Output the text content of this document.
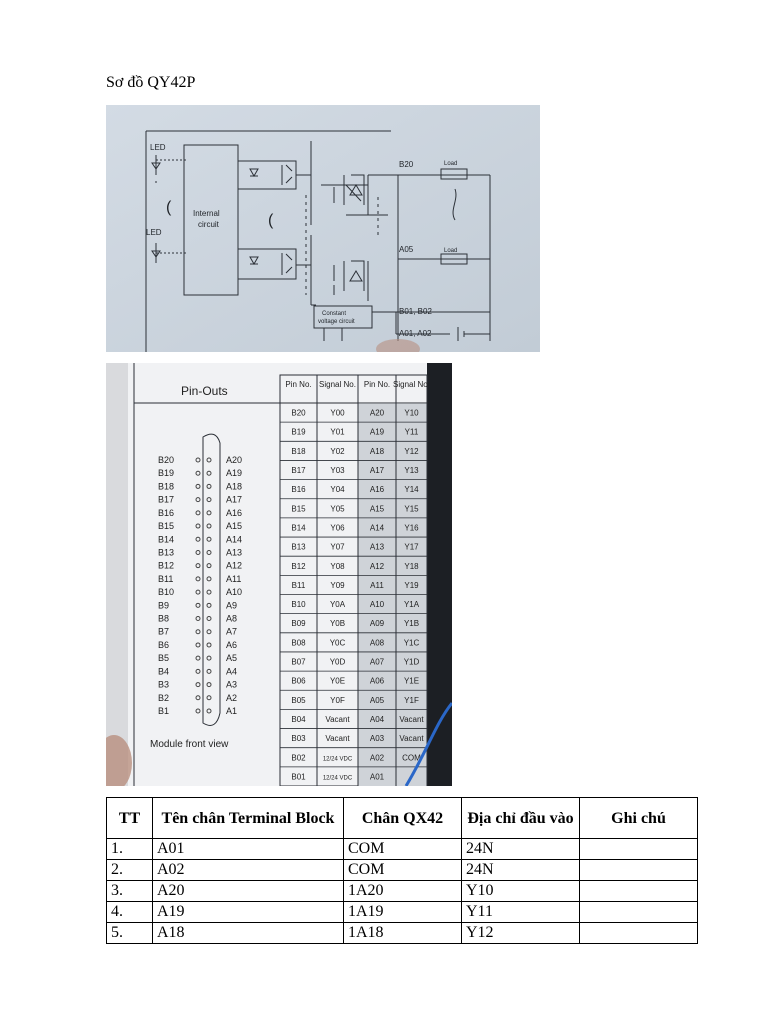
Sơ đồ QY42P
LED
LED
Internal
circuit
(
(
B20
A05
Load
Load
B01, B02
A01, A02
Constant
voltage circuit
Pin No. Signal No. Pin No. Signal No.
B20	Y00	A20	Y10
B19	Y01	A19	Y11
B18	Y02	A18	Y12
B17	Y03	A17	Y13
B16	Y04	A16	Y14
B15	Y05	A15	Y15
B14	Y06	A14	Y16
B13	Y07	A13	Y17
B12	Y08	A12	Y18
B11	Y09	A11	Y19
B10	Y0A	A10 Y1A
B09	Y0B	A09 Y1B
B08	Y0C	A08 Y1C
B07	Y0D	A07 Y1D
B06	Y0E	A06 Y1E
B05	Y0F	A05	Y1F
B04 Vacant	A04 Vacant
B03 Vacant	A03 Vacant
B02	12/24 VDC A02 COM
B01	12/24 VDC A01
Pin-Outs
B20	A20
B19	A19
B18	A18
B17	A17
B16	A16
B15	A15
B14	A14
B13	A13
B12	A12
B11	A11
B10	A10
B9	A9
B8	A8
B7	A7
B6	A6
B5	A5
B4	A4
B3	A3
B2	A2
B1	A1
Module front view
TT	Tên chân Terminal Block	Chân QX42	Địa chỉ đầu vào	Ghi chú
1.	A01	COM	24N	
2.	A02	COM	24N	
3.	A20	1A20	Y10	
4.	A19	1A19	Y11	
5.	A18	1A18	Y12	
